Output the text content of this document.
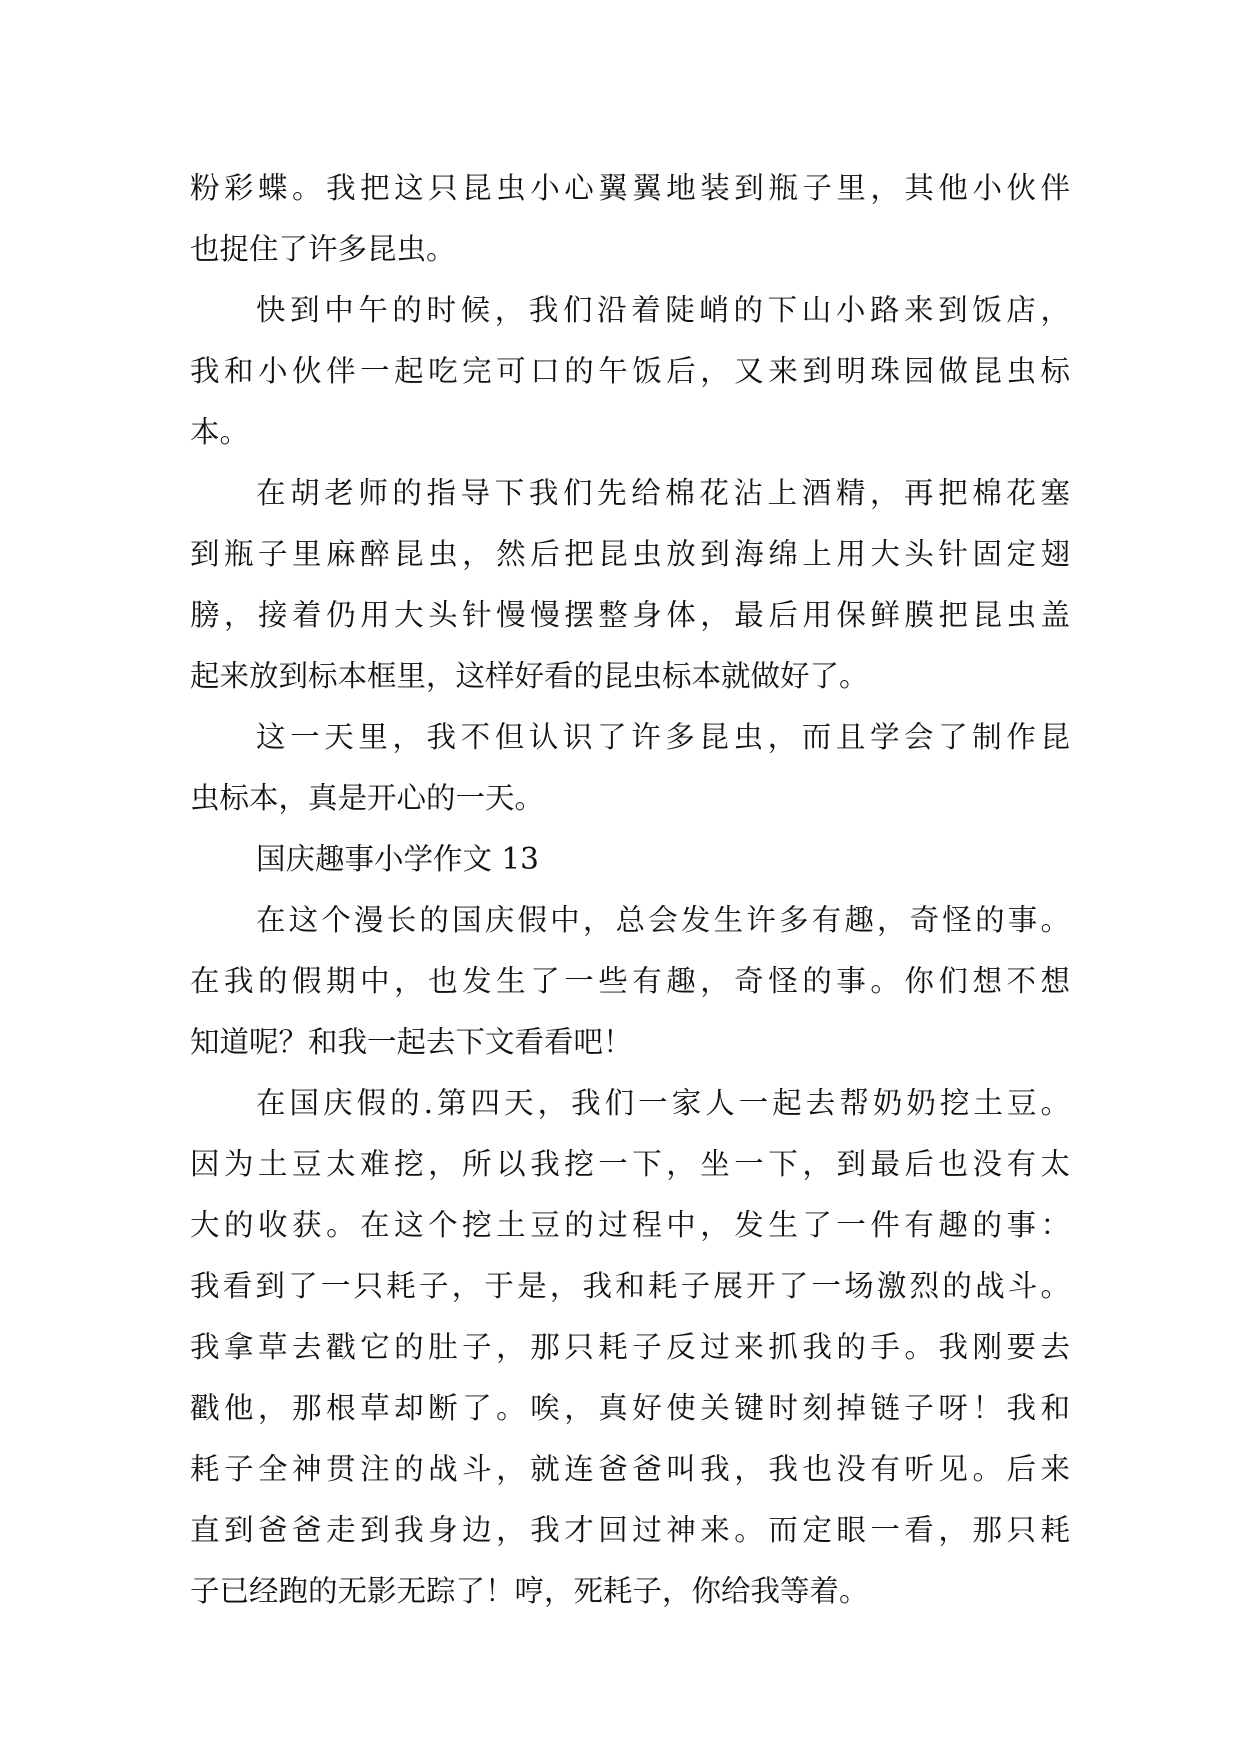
粉彩蝶。我把这只昆虫小心翼翼地装到瓶子里，其他小伙伴
也捉住了许多昆虫。
快到中午的时候，我们沿着陡峭的下山小路来到饭店，
我和小伙伴一起吃完可口的午饭后，又来到明珠园做昆虫标
本。
在胡老师的指导下我们先给棉花沾上酒精，再把棉花塞
到瓶子里麻醉昆虫，然后把昆虫放到海绵上用大头针固定翅
膀，接着仍用大头针慢慢摆整身体，最后用保鲜膜把昆虫盖
起来放到标本框里，这样好看的昆虫标本就做好了。
这一天里，我不但认识了许多昆虫，而且学会了制作昆
虫标本，真是开心的一天。
国庆趣事小学作文 13
在这个漫长的国庆假中，总会发生许多有趣，奇怪的事。
在我的假期中，也发生了一些有趣，奇怪的事。你们想不想
知道呢？和我一起去下文看看吧！
在国庆假的.第四天，我们一家人一起去帮奶奶挖土豆。
因为土豆太难挖，所以我挖一下，坐一下，到最后也没有太
大的收获。在这个挖土豆的过程中，发生了一件有趣的事：
我看到了一只耗子，于是，我和耗子展开了一场激烈的战斗。
我拿草去戳它的肚子，那只耗子反过来抓我的手。我刚要去
戳他，那根草却断了。唉，真好使关键时刻掉链子呀！我和
耗子全神贯注的战斗，就连爸爸叫我，我也没有听见。后来
直到爸爸走到我身边，我才回过神来。而定眼一看，那只耗
子已经跑的无影无踪了！哼，死耗子，你给我等着。
